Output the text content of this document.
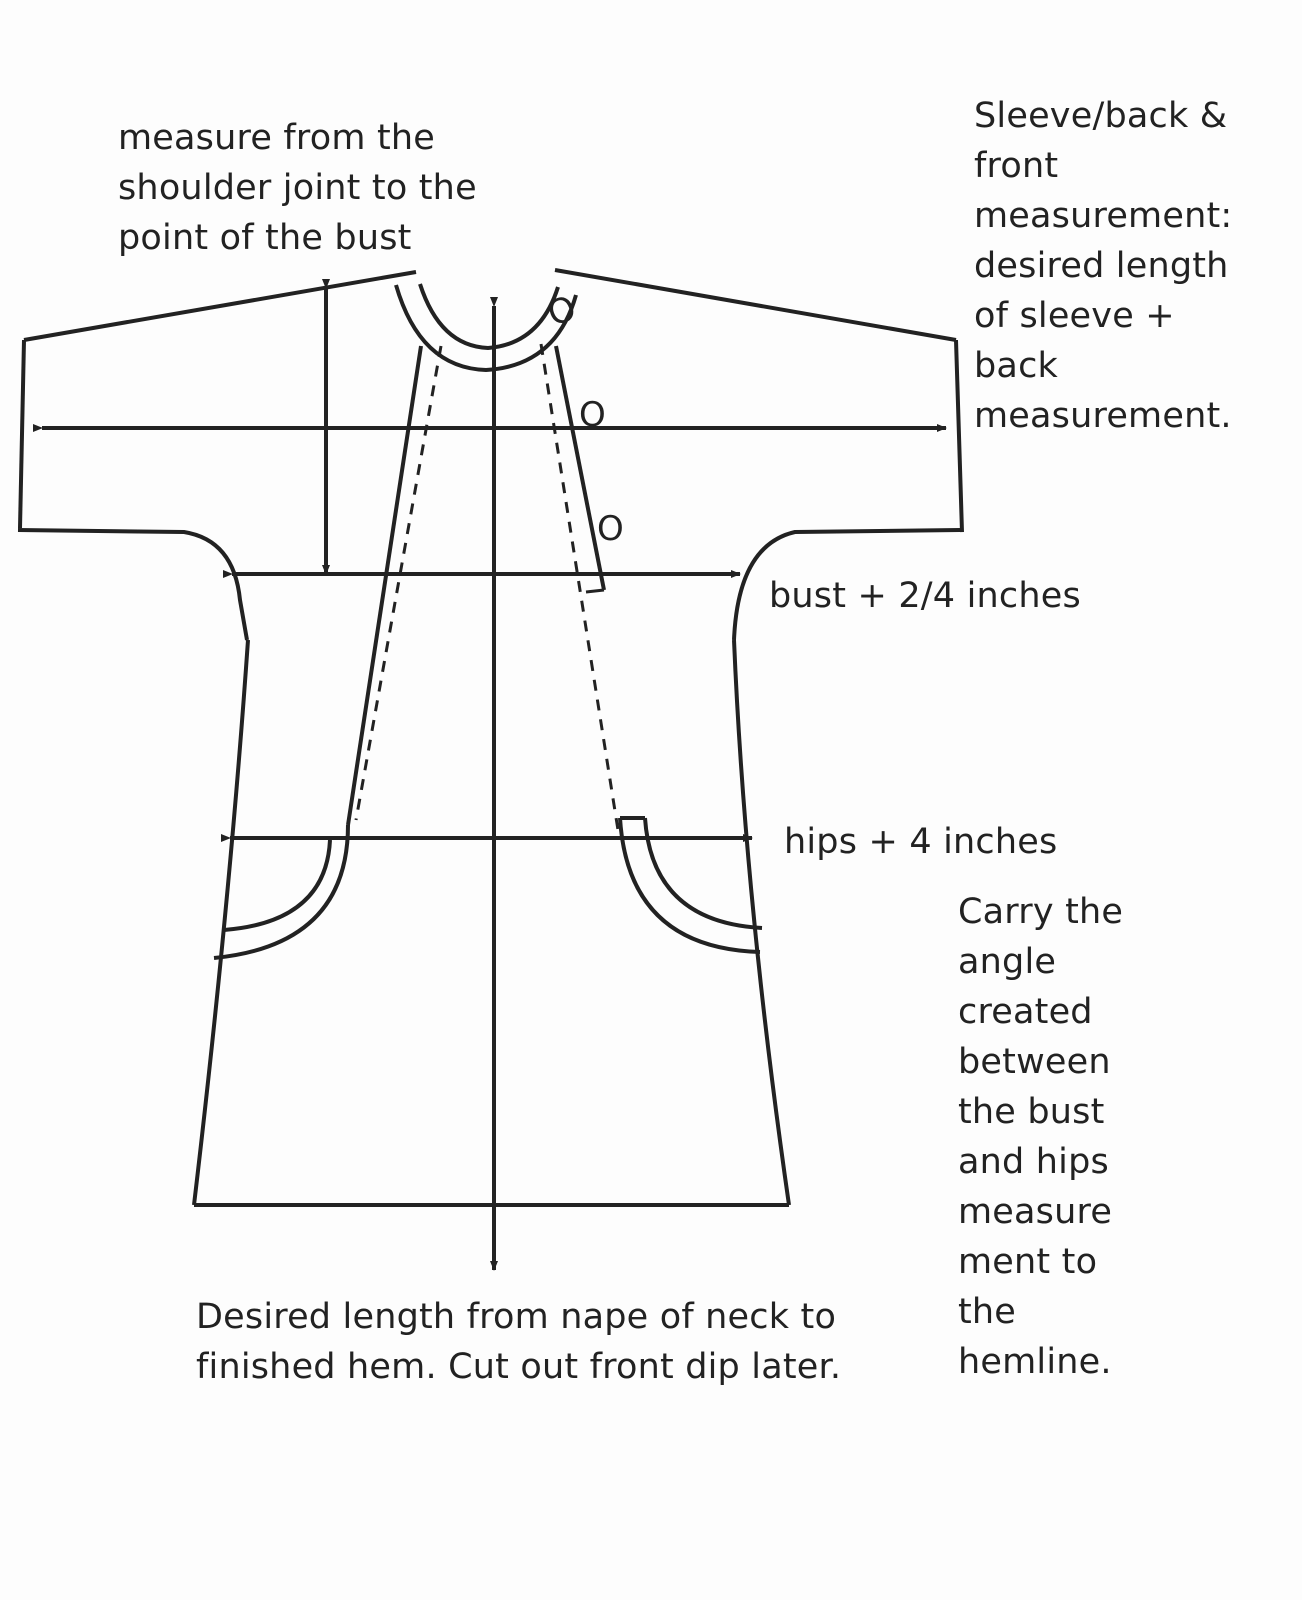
O
O
O
measure from the
shoulder joint to the
point of the bust
Sleeve/back &
front
measurement:
desired length
of sleeve +
back
measurement.
bust + 2/4 inches
hips + 4 inches
Carry the
angle
created
between
the bust
and hips
measure
ment to
the
hemline.
Desired length from nape of neck to
finished hem. Cut out front dip later.
